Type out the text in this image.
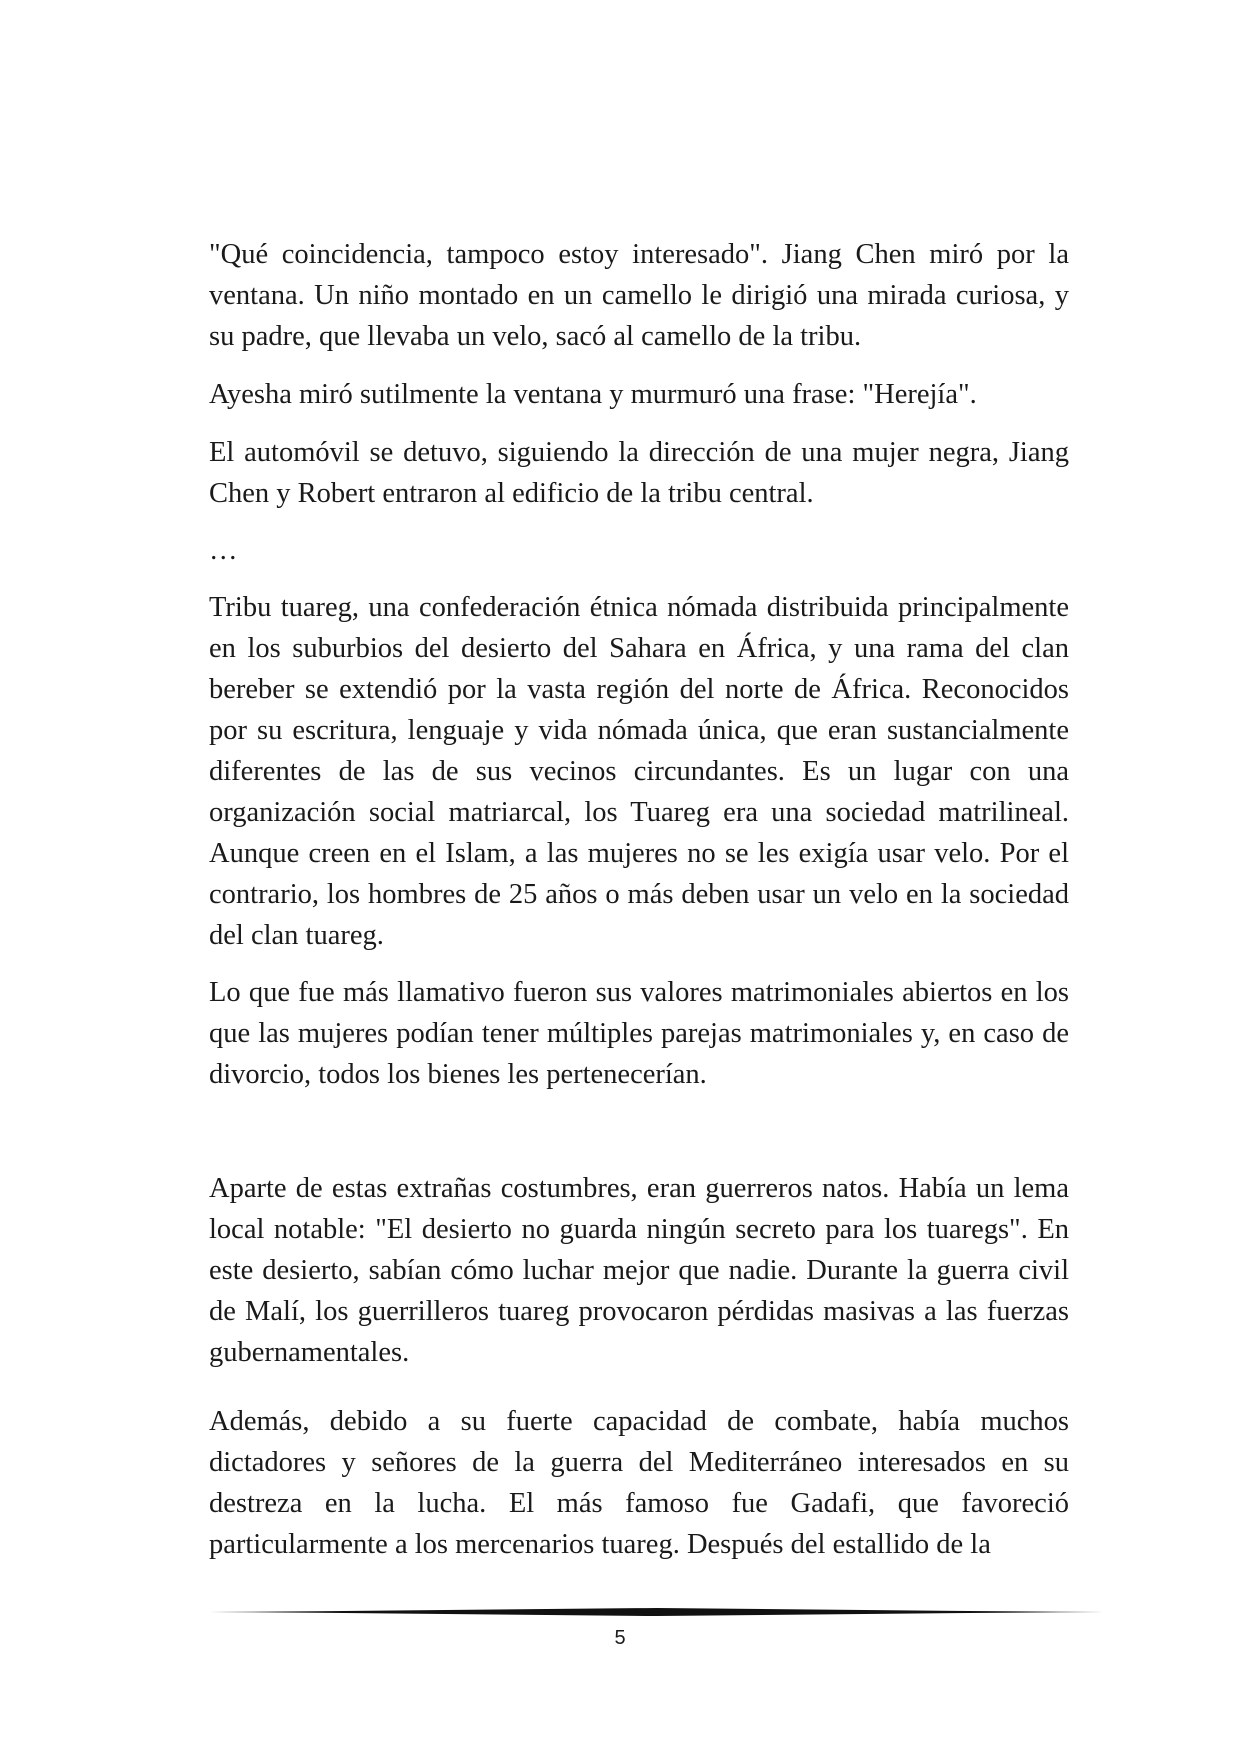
"Qué coincidencia, tampoco estoy interesado". Jiang Chen miró por la ventana. Un niño montado en un camello le dirigió una mirada curiosa, y su padre, que llevaba un velo, sacó al camello de la tribu.

Ayesha miró sutilmente la ventana y murmuró una frase: "Herejía".

El automóvil se detuvo, siguiendo la dirección de una mujer negra, Jiang Chen y Robert entraron al edificio de la tribu central.

…

Tribu tuareg, una confederación étnica nómada distribuida principalmente en los suburbios del desierto del Sahara en África, y una rama del clan bereber se extendió por la vasta región del norte de África. Reconocidos por su escritura, lenguaje y vida nómada única, que eran sustancialmente diferentes de las de sus vecinos circundantes. Es un lugar con una organización social matriarcal, los Tuareg era una sociedad matrilineal. Aunque creen en el Islam, a las mujeres no se les exigía usar velo. Por el contrario, los hombres de 25 años o más deben usar un velo en la sociedad del clan tuareg.

Lo que fue más llamativo fueron sus valores matrimoniales abiertos en los que las mujeres podían tener múltiples parejas matrimoniales y, en caso de divorcio, todos los bienes les pertenecerían.

Aparte de estas extrañas costumbres, eran guerreros natos. Había un lema local notable: "El desierto no guarda ningún secreto para los tuaregs". En este desierto, sabían cómo luchar mejor que nadie. Durante la guerra civil de Malí, los guerrilleros tuareg provocaron pérdidas masivas a las fuerzas gubernamentales.

Además, debido a su fuerte capacidad de combate, había muchos dictadores y señores de la guerra del Mediterráneo interesados en su destreza en la lucha. El más famoso fue Gadafi, que favoreció particularmente a los mercenarios tuareg. Después del estallido de la

5
